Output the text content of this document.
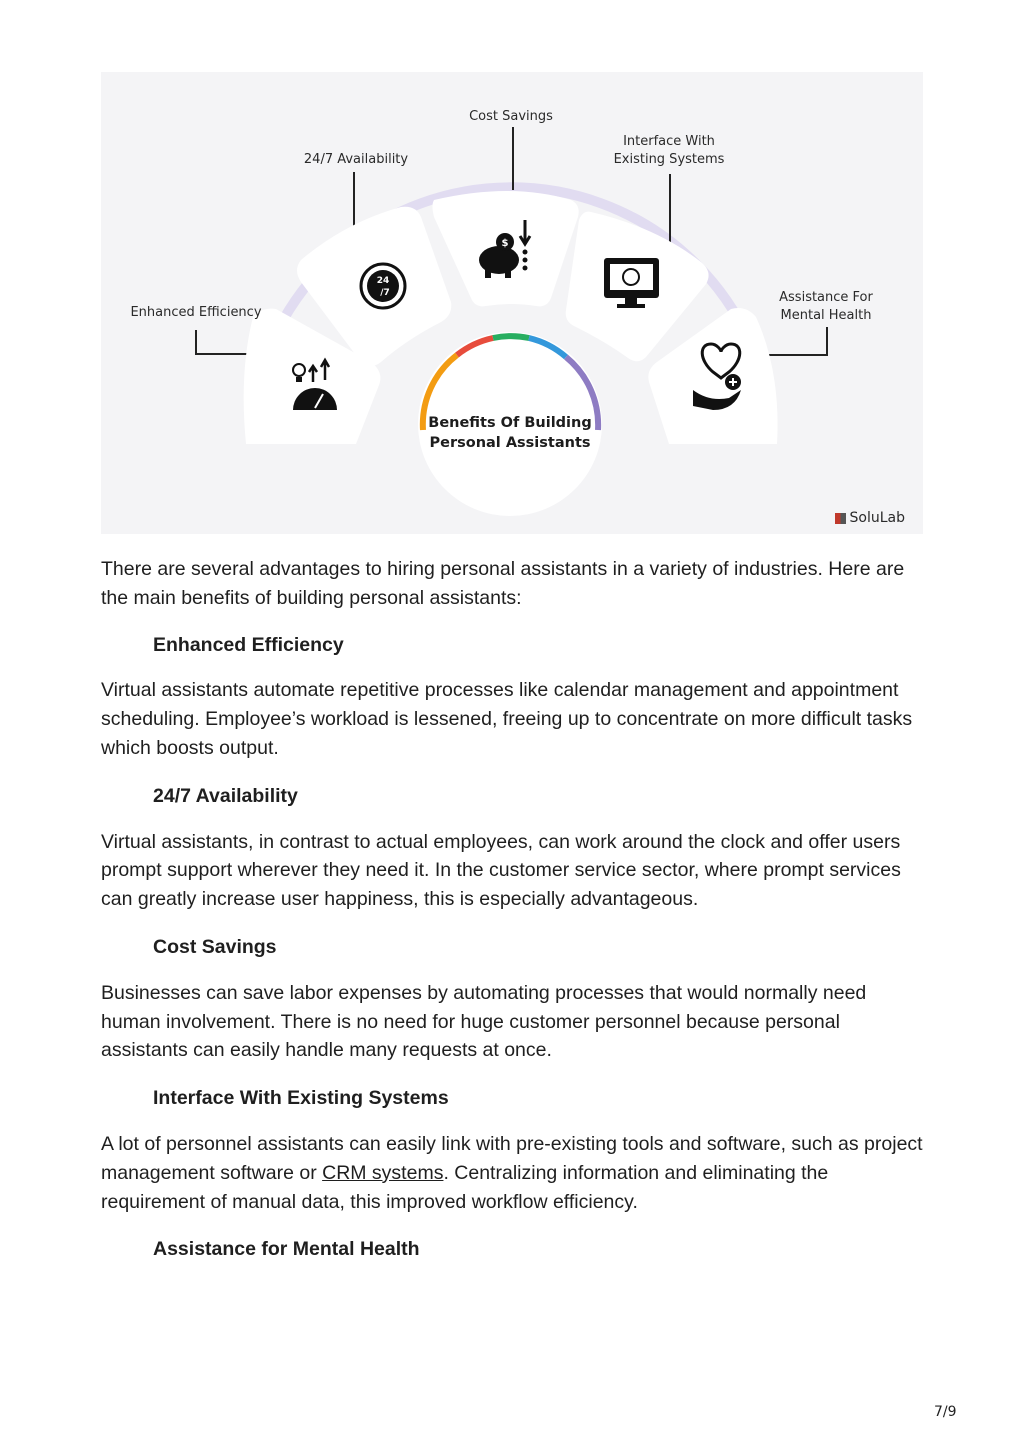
24
/7
$
Enhanced Efficiency
24/7 Availability
Cost Savings
Interface With
Existing Systems
Assistance For
Mental Health
Benefits Of Building
Personal Assistants
SoluLab

There are several advantages to hiring personal assistants in a variety of industries. Here are the main benefits of building personal assistants:

Enhanced Efficiency

Virtual assistants automate repetitive processes like calendar management and appointment scheduling. Employee’s workload is lessened, freeing up to concentrate on more difficult tasks which boosts output.

24/7 Availability

Virtual assistants, in contrast to actual employees, can work around the clock and offer users prompt support wherever they need it. In the customer service sector, where prompt services can greatly increase user happiness, this is especially advantageous.

Cost Savings

Businesses can save labor expenses by automating processes that would normally need human involvement. There is no need for huge customer personnel because personal assistants can easily handle many requests at once.

Interface With Existing Systems

A lot of personnel assistants can easily link with pre-existing tools and software, such as project management software or CRM systems. Centralizing information and eliminating the requirement of manual data, this improved workflow efficiency.

Assistance for Mental Health

7/9
